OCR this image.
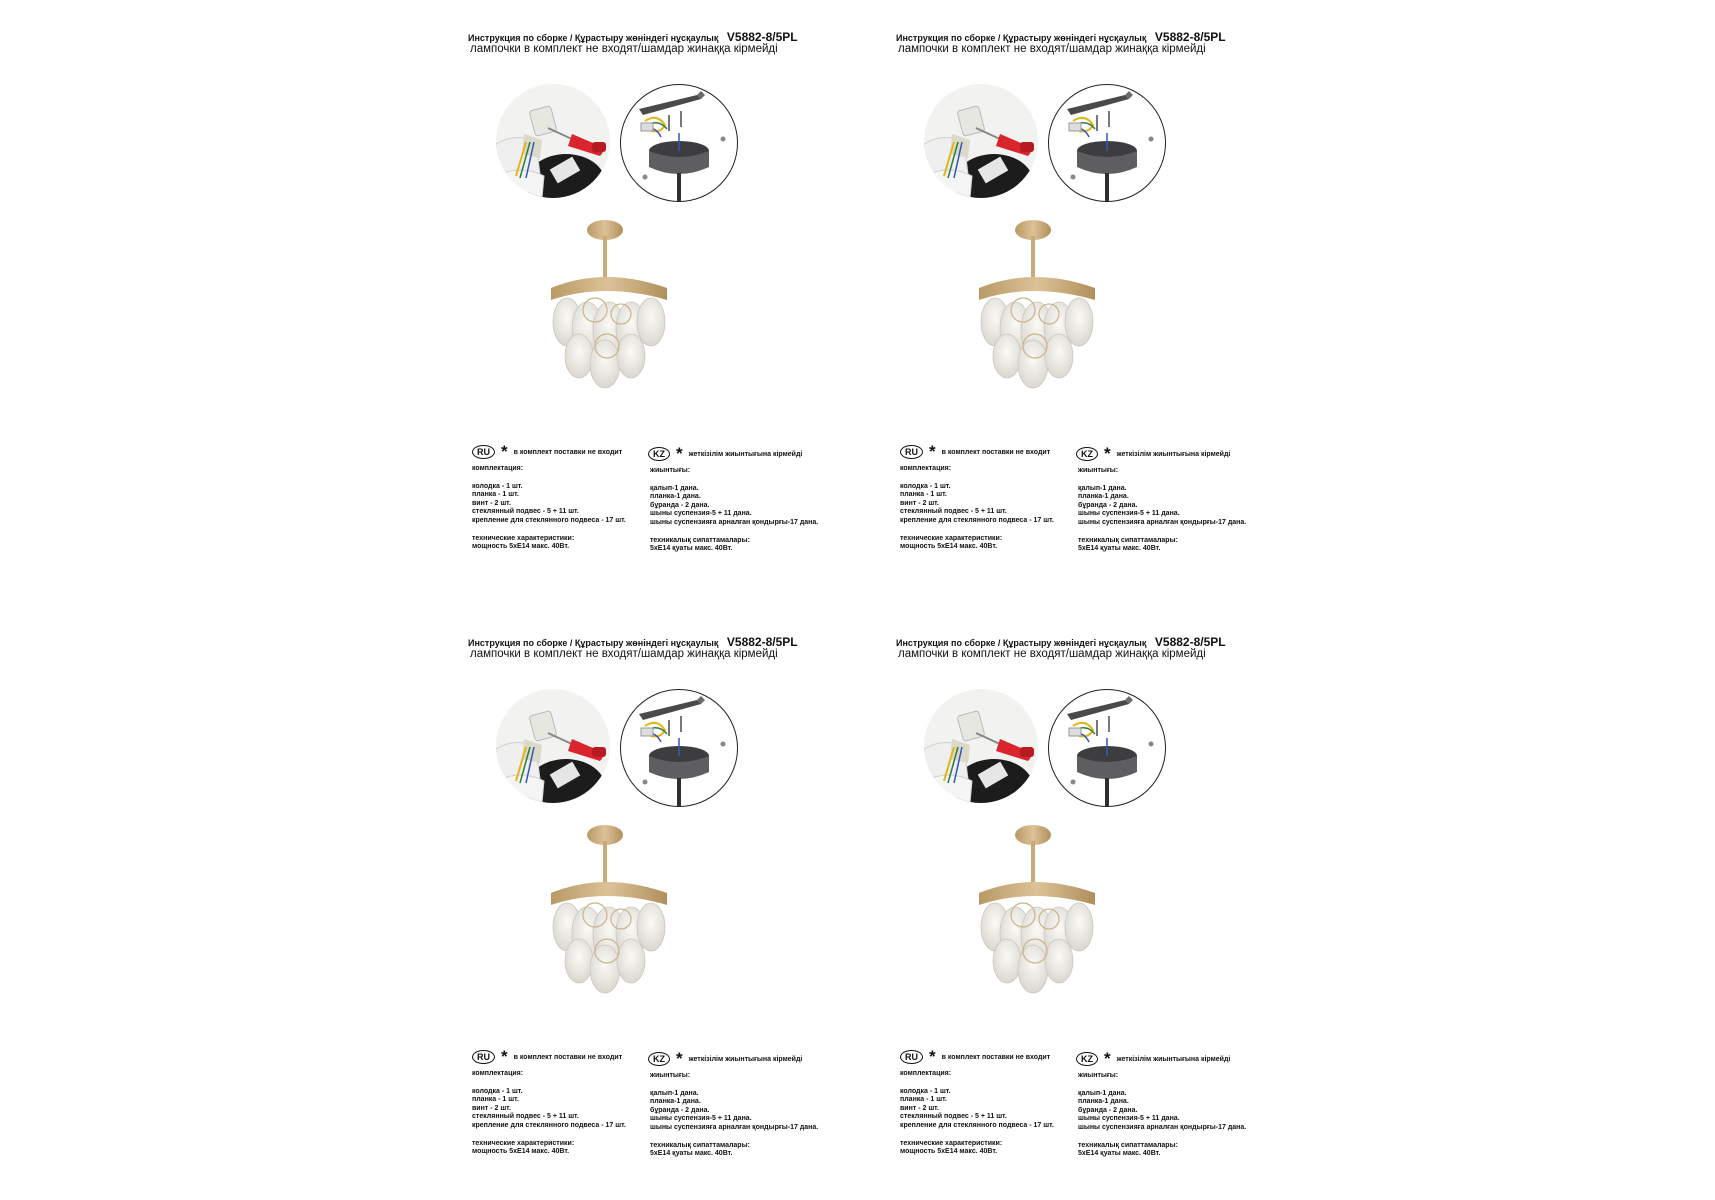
Инструкция по сборке / Құрастыру жөніндегі нұсқаулық V5882-8/5PL
лампочки в комплект не входят/шамдар жинаққа кірмейді
RU * в комплект поставки не входит	KZ * жеткізілім жиынтығына кірмейді
комплектация:
колодка - 1 шт.
планка - 1 шт.
винт - 2 шт.
стеклянный подвес - 5 + 11 шт.
крепление для стеклянного подвеса - 17 шт.
технические характеристики:
мощность 5xE14 макс. 40Вт.
жиынтығы:
қалып-1 дана.
планка-1 дана.
бұранда - 2 дана.
шыны суспензия-5 + 11 дана.
шыны суспензияға арналған қондырғы-17 дана.
техникалық сипаттамалары:
5xE14 қуаты макс. 40Вт.
Инструкция по сборке / Құрастыру жөніндегі нұсқаулық V5882-8/5PL
лампочки в комплект не входят/шамдар жинаққа кірмейді
RU * в комплект поставки не входит	KZ * жеткізілім жиынтығына кірмейді
комплектация:
колодка - 1 шт.
планка - 1 шт.
винт - 2 шт.
стеклянный подвес - 5 + 11 шт.
крепление для стеклянного подвеса - 17 шт.
технические характеристики:
мощность 5xE14 макс. 40Вт.
жиынтығы:
қалып-1 дана.
планка-1 дана.
бұранда - 2 дана.
шыны суспензия-5 + 11 дана.
шыны суспензияға арналған қондырғы-17 дана.
техникалық сипаттамалары:
5xE14 қуаты макс. 40Вт.
Инструкция по сборке / Құрастыру жөніндегі нұсқаулық V5882-8/5PL
лампочки в комплект не входят/шамдар жинаққа кірмейді
RU * в комплект поставки не входит	KZ * жеткізілім жиынтығына кірмейді
комплектация:
колодка - 1 шт.
планка - 1 шт.
винт - 2 шт.
стеклянный подвес - 5 + 11 шт.
крепление для стеклянного подвеса - 17 шт.
технические характеристики:
мощность 5xE14 макс. 40Вт.
жиынтығы:
қалып-1 дана.
планка-1 дана.
бұранда - 2 дана.
шыны суспензия-5 + 11 дана.
шыны суспензияға арналған қондырғы-17 дана.
техникалық сипаттамалары:
5xE14 қуаты макс. 40Вт.
Инструкция по сборке / Құрастыру жөніндегі нұсқаулық V5882-8/5PL
лампочки в комплект не входят/шамдар жинаққа кірмейді
RU * в комплект поставки не входит	KZ * жеткізілім жиынтығына кірмейді
комплектация:
колодка - 1 шт.
планка - 1 шт.
винт - 2 шт.
стеклянный подвес - 5 + 11 шт.
крепление для стеклянного подвеса - 17 шт.
технические характеристики:
мощность 5xE14 макс. 40Вт.
жиынтығы:
қалып-1 дана.
планка-1 дана.
бұранда - 2 дана.
шыны суспензия-5 + 11 дана.
шыны суспензияға арналған қондырғы-17 дана.
техникалық сипаттамалары:
5xE14 қуаты макс. 40Вт.
